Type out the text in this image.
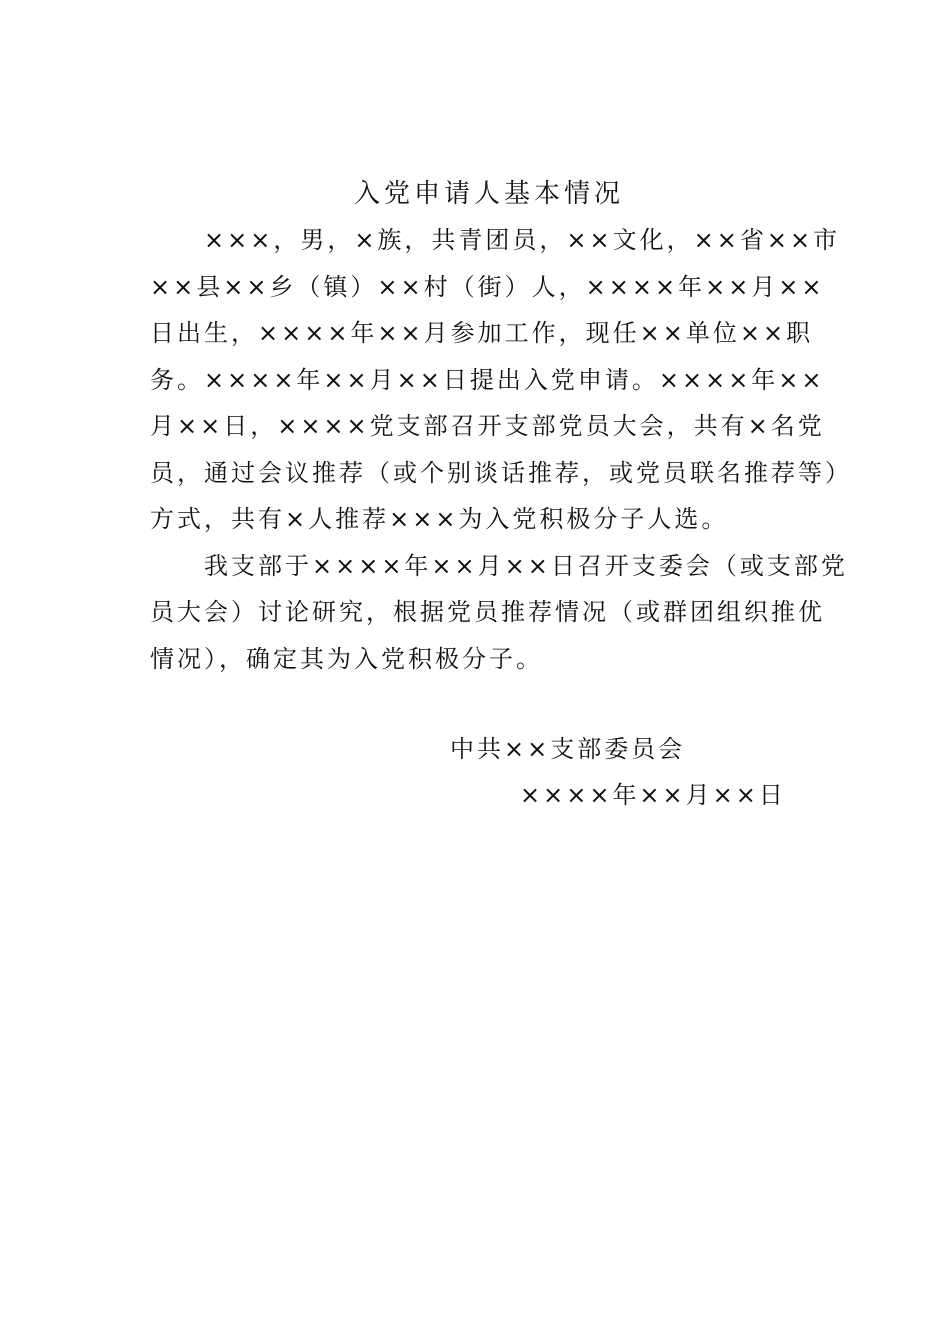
入党申请人基本情况

×××，男，×族，共青团员，××文化，××省××市××县××乡（镇）××村（街）人，××××年××月××日出生，××××年××月参加工作，现任××单位××职务。××××年××月××日提出入党申请。××××年××月××日，××××党支部召开支部党员大会，共有×名党员，通过会议推荐（或个别谈话推荐，或党员联名推荐等）方式，共有×人推荐×××为入党积极分子人选。

我支部于××××年××月××日召开支委会（或支部党员大会）讨论研究，根据党员推荐情况（或群团组织推优情况），确定其为入党积极分子。

中共××支部委员会
××××年××月××日
